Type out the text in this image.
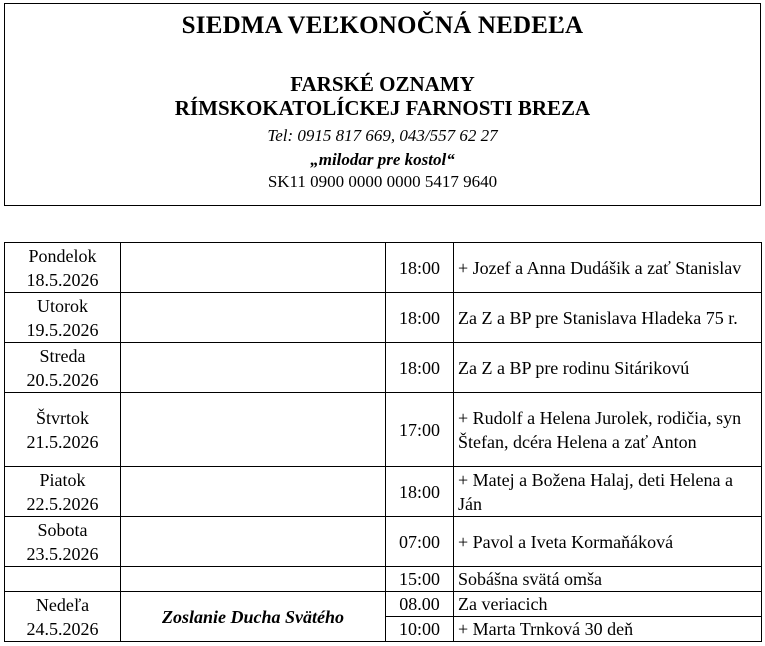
SIEDMA VEĽKONOČNÁ NEDEĽA
FARSKÉ OZNAMY
RÍMSKOKATOLÍCKEJ FARNOSTI BREZA
Tel: 0915 817 669, 043/557 62 27
„milodar pre kostol“
SK11 0900 0000 0000 5417 9640
Pondelok
18.5.2026		18:00	+ Jozef a Anna Dudášik a zať Stanislav

Utorok
19.5.2026		18:00	Za Z a BP pre Stanislava Hladeka 75 r.

Streda
20.5.2026		18:00	Za Z a BP pre rodinu Sitárikovú

Štvrtok
21.5.2026		17:00	+ Rudolf a Helena Jurolek, rodičia, syn Štefan, dcéra Helena a zať Anton

Piatok
22.5.2026		18:00	+ Matej a Božena Halaj, deti Helena a Ján

Sobota
23.5.2026		07:00	+ Pavol a Iveta Kormaňáková
		15:00	Sobášna svätá omša

Nedeľa
24.5.2026	Zoslanie Ducha Svätého	08.00	Za veriacich
		10:00	+ Marta Trnková 30 deň
